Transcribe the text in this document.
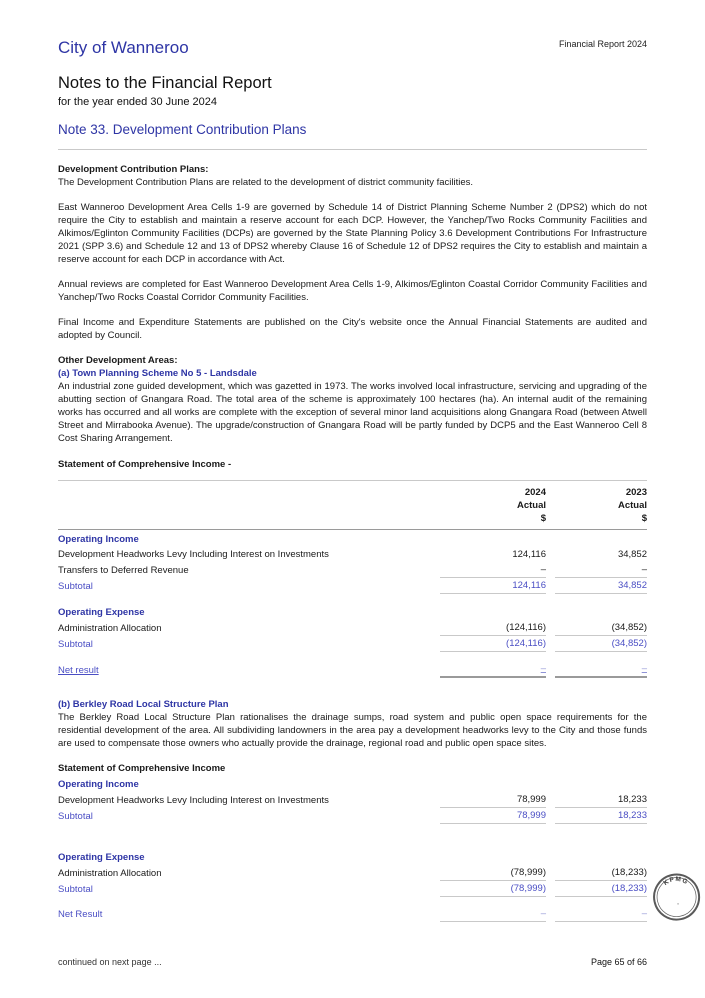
Financial Report 2024
City of Wanneroo
Notes to the Financial Report
for the year ended 30 June 2024
Note 33. Development Contribution Plans

Development Contribution Plans:

The Development Contribution Plans are related to the development of district community facilities.

East Wanneroo Development Area Cells 1-9 are governed by Schedule 14 of District Planning Scheme Number 2 (DPS2) which do not require the City to establish and maintain a reserve account for each DCP. However, the Yanchep/Two Rocks Community Facilities and Alkimos/Eglinton Community Facilities (DCPs) are governed by the State Planning Policy 3.6 Development Contributions For Infrastructure 2021 (SPP 3.6) and Schedule 12 and 13 of DPS2 whereby Clause 16 of Schedule 12 of DPS2 requires the City to establish and maintain a reserve account for each DCP in accordance with Act.

Annual reviews are completed for East Wanneroo Development Area Cells 1-9, Alkimos/Eglinton Coastal Corridor Community Facilities and Yanchep/Two Rocks Coastal Corridor Community Facilities.

Final Income and Expenditure Statements are published on the City's website once the Annual Financial Statements are audited and adopted by Council.

Other Development Areas:

(a) Town Planning Scheme No 5 - Landsdale

An industrial zone guided development, which was gazetted in 1973. The works involved local infrastructure, servicing and upgrading of the abutting section of Gnangara Road. The total area of the scheme is approximately 100 hectares (ha). An internal audit of the remaining works has occurred and all works are complete with the exception of several minor land acquisitions along Gnangara Road (between Atwell Street and Mirrabooka Avenue). The upgrade/construction of Gnangara Road will be partly funded by DCP5 and the East Wanneroo Cell 8 Cost Sharing Arrangement.

Statement of Comprehensive Income -

	2024		2023
	Actual		Actual
	$		$
Operating Income			
Development Headworks Levy Including Interest on Investments	124,116		34,852
Transfers to Deferred Revenue	–		–
Subtotal	124,116		34,852

Operating Expense			
Administration Allocation	(124,116)		(34,852)
Subtotal	(124,116)		(34,852)

Net result	–		–

(b) Berkley Road Local Structure Plan

The Berkley Road Local Structure Plan rationalises the drainage sumps, road system and public open space requirements for the residential development of the area. All subdividing landowners in the area pay a development headworks levy to the City and those funds are used to compensate those owners who actually provide the drainage, regional road and public open space sites.

Statement of Comprehensive Income

Operating Income			
Development Headworks Levy Including Interest on Investments	78,999		18,233
Subtotal	78,999		18,233

Operating Expense			
Administration Allocation	(78,999)		(18,233)
Subtotal	(78,999)		(18,233)

Net Result	–		–
KPMG
continued on next page ...	Page 65 of 66
